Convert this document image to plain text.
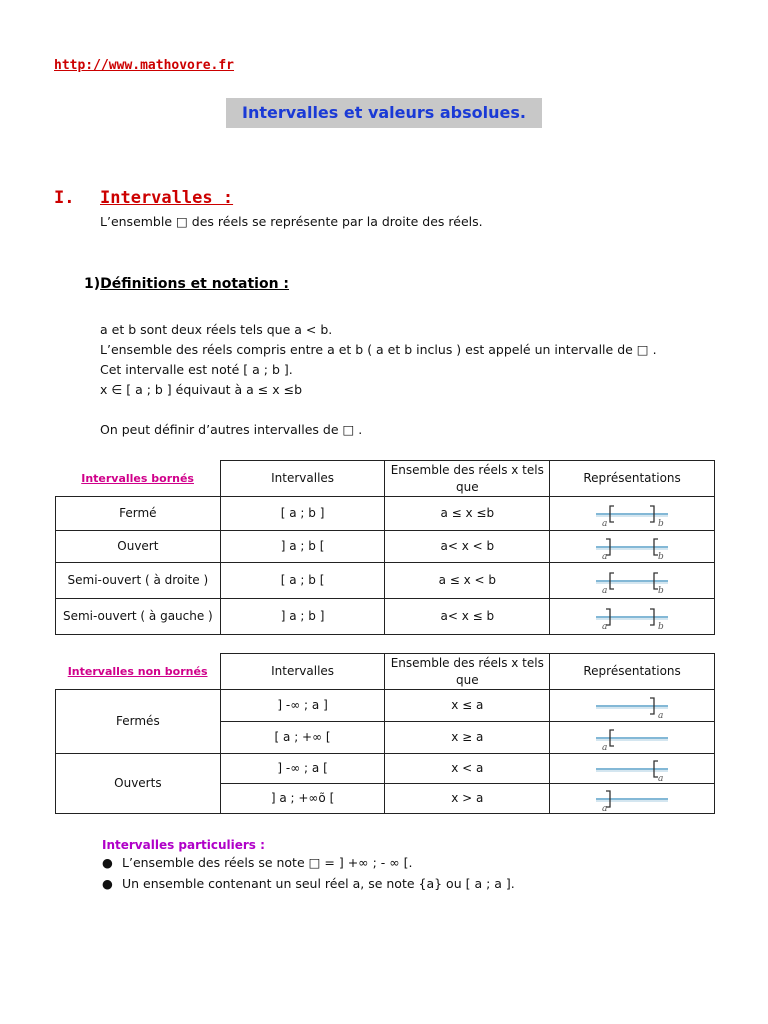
http://www.mathovore.fr
Intervalles et valeurs absolues.
I. Intervalles :
L’ensemble □ des réels se représente par la droite des réels.
1)Définitions et notation :
a et b sont deux réels tels que a < b.
L’ensemble des réels compris entre a et b ( a et b inclus ) est appelé un intervalle de □ .
Cet intervalle est noté [ a ; b ].
x ∈ [ a ; b ] équivaut à a ≤ x ≤b
On peut définir d’autres intervalles de □ .
Intervalles bornés	Intervalles	Ensemble des réels x tels que	Représentations
Fermé	[ a ; b ]	a ≤ x ≤b	a b

Ouvert	] a ; b [	a< x < b	a b

Semi-ouvert ( à droite )	[ a ; b [	a ≤ x < b	a b

Semi-ouvert ( à gauche )	] a ; b ]	a< x ≤ b	a b
Intervalles non bornés	Intervalles	Ensemble des réels x tels que	Représentations
Fermés	] -∞ ; a ]	x ≤ a	a

	[ a ; +∞ [	x ≥ a	a

Ouverts	] -∞ ; a [	x < a	a

	] a ; +∞õ [	x > a	a
Intervalles particuliers :
● L’ensemble des réels se note □ = ] +∞ ; - ∞ [.
● Un ensemble contenant un seul réel a, se note {a} ou [ a ; a ].
